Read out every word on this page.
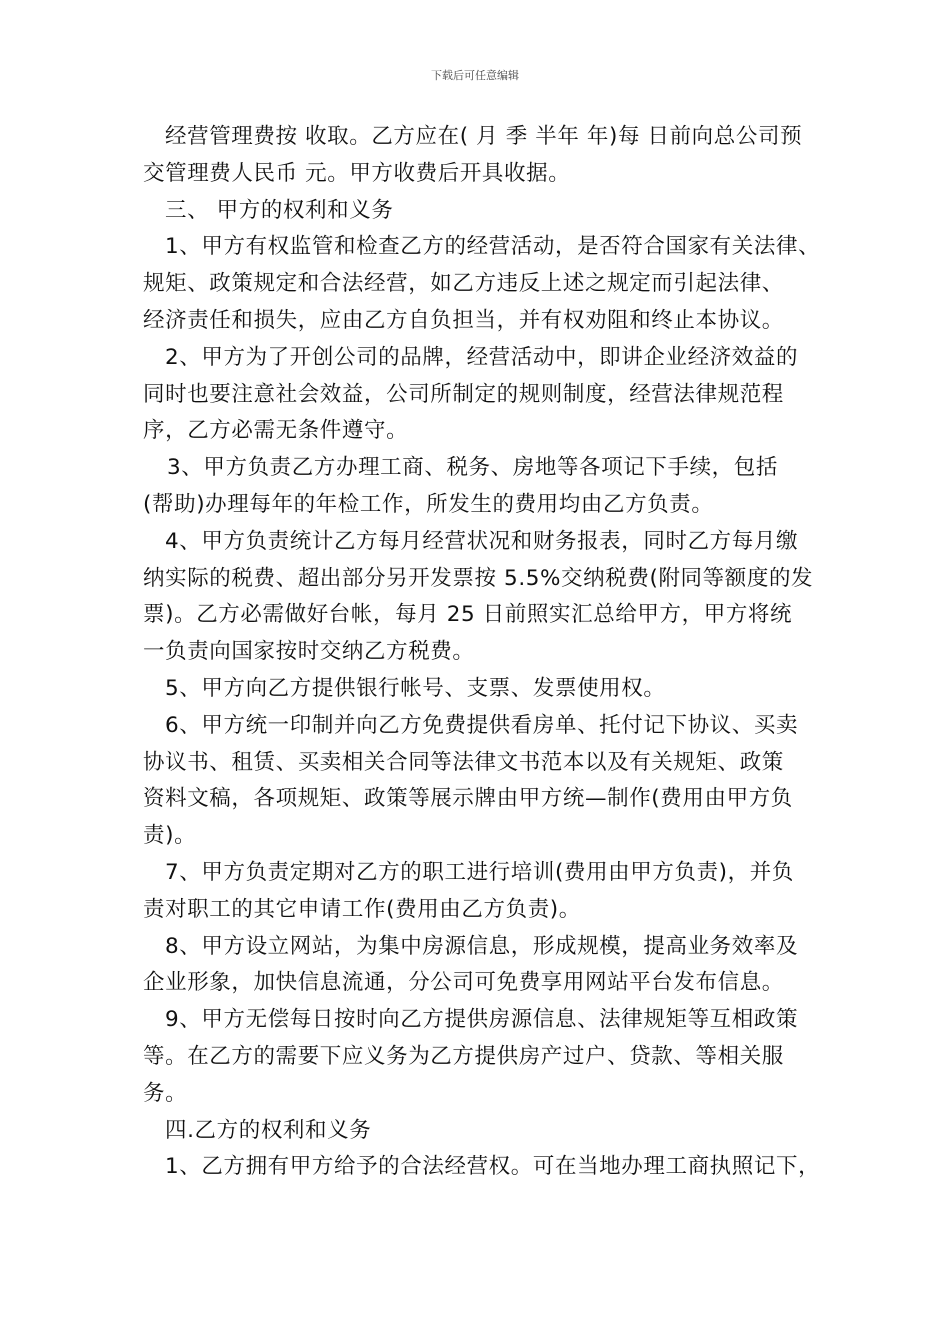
下载后可任意编辑
经营管理费按 收取。乙方应在( 月 季 半年 年)每 日前向总公司预
交管理费人民币 元。甲方收费后开具收据。
三、 甲方的权利和义务
1、甲方有权监管和检查乙方的经营活动，是否符合国家有关法律、
规矩、政策规定和合法经营，如乙方违反上述之规定而引起法律、
经济责任和损失，应由乙方自负担当，并有权劝阻和终止本协议。
2、甲方为了开创公司的品牌，经营活动中，即讲企业经济效益的
同时也要注意社会效益，公司所制定的规则制度，经营法律规范程
序，乙方必需无条件遵守。
3、甲方负责乙方办理工商、税务、房地等各项记下手续，包括
(帮助)办理每年的年检工作，所发生的费用均由乙方负责。
4、甲方负责统计乙方每月经营状况和财务报表，同时乙方每月缴
纳实际的税费、超出部分另开发票按 5.5%交纳税费(附同等额度的发
票)。乙方必需做好台帐，每月 25 日前照实汇总给甲方，甲方将统
一负责向国家按时交纳乙方税费。
5、甲方向乙方提供银行帐号、支票、发票使用权。
6、甲方统一印制并向乙方免费提供看房单、托付记下协议、买卖
协议书、租赁、买卖相关合同等法律文书范本以及有关规矩、政策
资料文稿，各项规矩、政策等展示牌由甲方统—制作(费用由甲方负
责)。
7、甲方负责定期对乙方的职工进行培训(费用由甲方负责)，并负
责对职工的其它申请工作(费用由乙方负责)。
8、甲方设立网站，为集中房源信息，形成规模，提高业务效率及
企业形象，加快信息流通，分公司可免费享用网站平台发布信息。
9、甲方无偿每日按时向乙方提供房源信息、法律规矩等互相政策
等。在乙方的需要下应义务为乙方提供房产过户、贷款、等相关服
务。
四.乙方的权利和义务
1、乙方拥有甲方给予的合法经营权。可在当地办理工商执照记下，
